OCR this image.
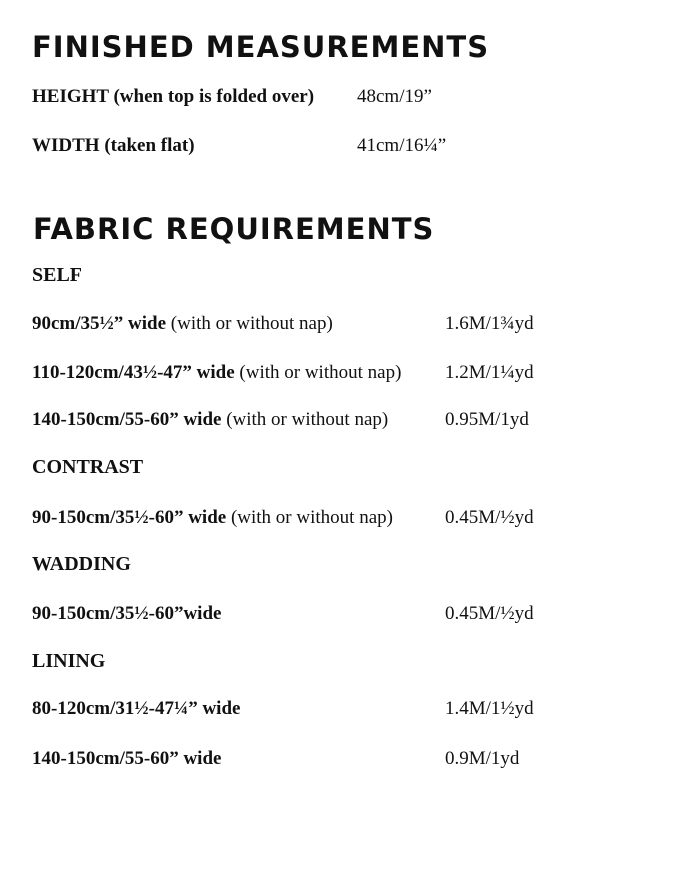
FINISHED MEASUREMENTS
HEIGHT (when top is folded over) 48cm/19”
WIDTH (taken flat)	41cm/16¼”
FABRIC REQUIREMENTS
SELF
90cm/35½” wide (with or without nap)	1.6M/1¾yd
110-120cm/43½-47” wide (with or without nap) 1.2M/1¼yd
140-150cm/55-60” wide (with or without nap)	0.95M/1yd
CONTRAST
90-150cm/35½-60” wide (with or without nap)	0.45M/½yd
WADDING
90-150cm/35½-60”wide	0.45M/½yd
LINING
80-120cm/31½-47¼” wide	1.4M/1½yd
140-150cm/55-60” wide	0.9M/1yd
